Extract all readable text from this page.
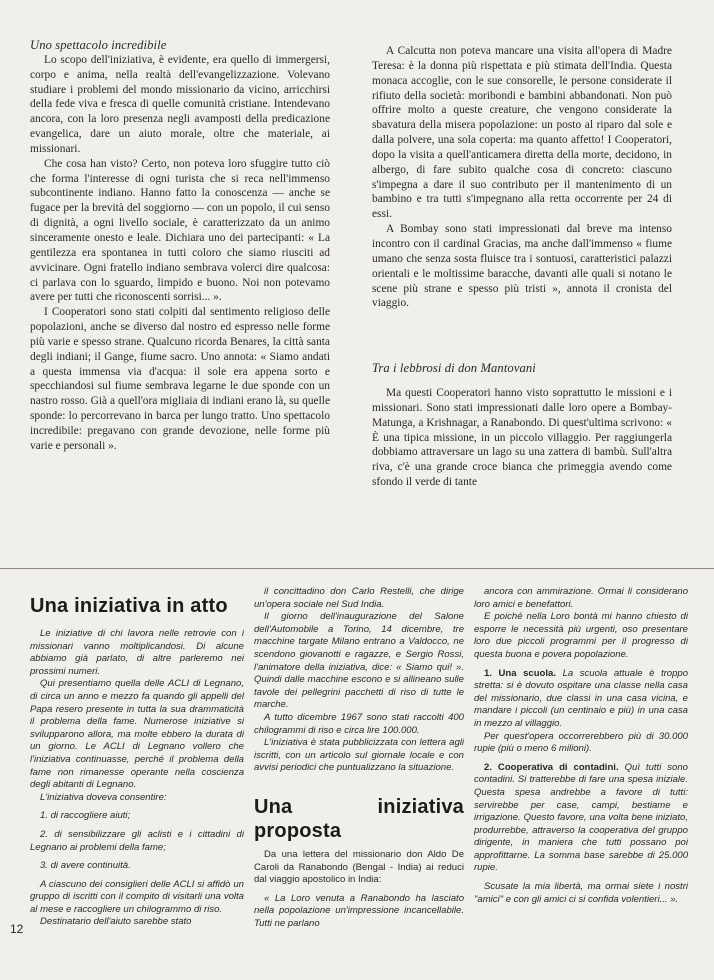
Uno spettacolo incredibile

Lo scopo dell'iniziativa, è evidente, era quello di immergersi, corpo e anima, nella realtà dell'evangelizzazione. Volevano studiare i problemi del mondo missionario da vicino, arricchirsi della fede viva e fresca di quelle comunità cristiane. Intendevano ancora, con la loro presenza negli avamposti della predicazione evangelica, dare un aiuto morale, oltre che materiale, ai missionari.

Che cosa han visto? Certo, non poteva loro sfuggire tutto ciò che forma l'interesse di ogni turista che si reca nell'immenso subcontinente indiano. Hanno fatto la conoscenza — anche se fugace per la brevità del soggiorno — con un popolo, il cui senso di dignità, a ogni livello sociale, è caratterizzato da un animo sinceramente onesto e leale. Dichiara uno dei partecipanti: « La gentilezza era spontanea in tutti coloro che siamo riusciti ad avvicinare. Ogni fratello indiano sembrava volerci dire qualcosa: ci parlava con lo sguardo, limpido e buono. Noi non potevamo avere per tutti che riconoscenti sorrisi... ».

I Cooperatori sono stati colpiti dal sentimento religioso delle popolazioni, anche se diverso dal nostro ed espresso nelle forme più varie e spesso strane. Qualcuno ricorda Benares, la città santa degli indiani; il Gange, fiume sacro. Uno annota: « Siamo andati a questa immensa via d'acqua: il sole era appena sorto e specchiandosi sul fiume sembrava legarne le due sponde con un nastro rosso. Già a quell'ora migliaia di indiani erano là, su quelle sponde: lo percorrevano in barca per lungo tratto. Uno spettacolo incredibile: pregavano con grande devozione, nelle forme più varie e personali ».

A Calcutta non poteva mancare una visita all'opera di Madre Teresa: è la donna più rispettata e più stimata dell'India. Questa monaca accoglie, con le sue consorelle, le persone considerate il rifiuto della società: moribondi e bambini abbandonati. Non può offrire molto a queste creature, che vengono considerate la sbavatura della misera popolazione: un posto al riparo dal sole e dalla polvere, una sola coperta: ma quanto affetto! I Cooperatori, dopo la visita a quell'anticamera diretta della morte, decidono, in albergo, di fare subito qualche cosa di concreto: ciascuno s'impegna a dare il suo contributo per il mantenimento di un bambino e tra tutti s'impegnano alla retta occorrente per 24 di essi.

A Bombay sono stati impressionati dal breve ma intenso incontro con il cardinal Gracias, ma anche dall'immenso « fiume umano che senza sosta fluisce tra i sontuosi, caratteristici palazzi orientali e le moltissime baracche, davanti alle quali si notano le scene più strane e spesso più tristi », annota il cronista del viaggio.

Tra i lebbrosi di don Mantovani

Ma questi Cooperatori hanno visto soprattutto le missioni e i missionari. Sono stati impressionati dalle loro opere a Bombay-Matunga, a Krishnagar, a Ranabondo. Di quest'ultima scrivono: « È una tipica missione, in un piccolo villaggio. Per raggiungerla dobbiamo attraversare un lago su una zattera di bambù. Sull'altra riva, c'è una grande croce bianca che primeggia avendo come sfondo il verde di tante

Una iniziativa in atto

Le iniziative di chi lavora nelle retrovie con i missionari vanno moltiplicandosi. Di alcune abbiamo già parlato, di altre parleremo nei prossimi numeri.

Qui presentiamo quella delle ACLI di Legnano, di circa un anno e mezzo fa quando gli appelli del Papa resero presente in tutta la sua drammaticità il problema della fame. Numerose iniziative si svilupparono allora, ma molte ebbero la durata di un giorno. Le ACLI di Legnano vollero che l'iniziativa continuasse, perché il problema della fame non rimanesse operante nella coscienza degli abitanti di Legnano.

L'iniziativa doveva consentire:

1. di raccogliere aiuti;

2. di sensibilizzare gli aclisti e i cittadini di Legnano ai problemi della fame;

3. di avere continuità.

A ciascuno dei consiglieri delle ACLI si affidò un gruppo di iscritti con il compito di visitarli una volta al mese e raccogliere un chilogrammo di riso.

Destinatario dell'aiuto sarebbe stato

il concittadino don Carlo Restelli, che dirige un'opera sociale nel Sud India.

Il giorno dell'inaugurazione del Salone dell'Automobile a Torino, 14 dicembre, tre macchine targate Milano entrano a Valdocco, ne scendono giovanotti e ragazze, e Sergio Rossi, l'animatore della iniziativa, dice: « Siamo qui! ». Quindi dalle macchine escono e si allineano sulle tavole dei pellegrini pacchetti di riso di tutte le marche.

A tutto dicembre 1967 sono stati raccolti 400 chilogrammi di riso e circa lire 100.000.

L'iniziativa è stata pubblicizzata con lettera agli iscritti, con un articolo sul giornale locale e con avvisi periodici che puntualizzano la situazione.

Una iniziativa proposta

Da una lettera del missionario don Aldo De Caroli da Ranabondo (Bengal - India) ai reduci dal viaggio apostolico in India:

« La Loro venuta a Ranabondo ha lasciato nella popolazione un'impressione incancellabile. Tutti ne parlano

ancora con ammirazione. Ormai li considerano loro amici e benefattori.

E poiché nella Loro bontà mi hanno chiesto di esporre le necessità più urgenti, oso presentare loro due piccoli programmi per il progresso di questa buona e povera popolazione.

1. Una scuola. La scuola attuale è troppo stretta: si è dovuto ospitare una classe nella casa del missionario, due classi in una casa vicina, e mandare i piccoli (un centinaio e più) in una casa in mezzo al villaggio.

Per quest'opera occorrerebbero più di 30.000 rupie (più o meno 6 milioni).

2. Cooperativa di contadini. Quì tutti sono contadini. Si tratterebbe di fare una spesa iniziale. Questa spesa andrebbe a favore di tutti: servirebbe per case, campi, bestiame e irrigazione. Questo favore, una volta bene iniziato, produrrebbe, attraverso la cooperativa del gruppo dirigente, in maniera che tutti possano poi approfittarne. La somma base sarebbe di 25.000 rupie.

Scusate la mia libertà, ma ormai siete i nostri "amici" e con gli amici ci si confida volentieri... ».

12
